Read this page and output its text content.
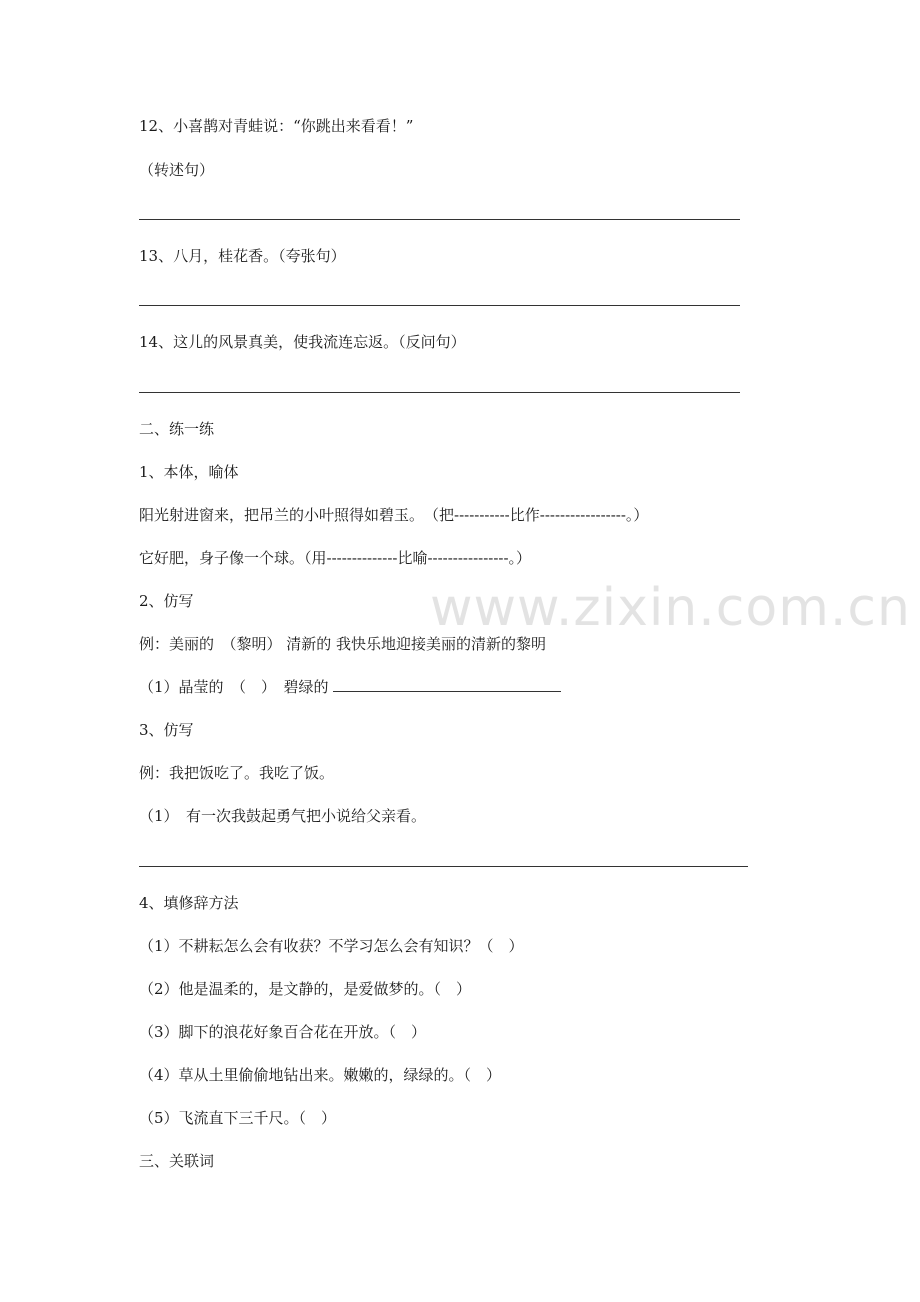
www.zixin.com.cn
12、小喜鹊对青蛙说：“你跳出来看看！”
（转述句）
13、八月，桂花香。（夸张句）
14、这儿的风景真美，使我流连忘返。（反问句）
二、练一练
1、本体，喻体
阳光射进窗来，把吊兰的小叶照得如碧玉。　（把-----------比作-----------------。）
它好肥，身子像一个球。（用--------------比喻----------------。）
2、仿写
例：美丽的　（黎明） 清新的 我快乐地迎接美丽的清新的黎明
（1）晶莹的　（　）　碧绿的
3、仿写
例：我把饭吃了。我吃了饭。
（1）　有一次我鼓起勇气把小说给父亲看。
4、填修辞方法
（1）不耕耘怎么会有收获？不学习怎么会有知识？（　）
（2）他是温柔的，是文静的，是爱做梦的。（　）
（3）脚下的浪花好象百合花在开放。（　）
（4）草从土里偷偷地钻出来。嫩嫩的，绿绿的。（　）
（5）飞流直下三千尺。（　）
三、关联词
